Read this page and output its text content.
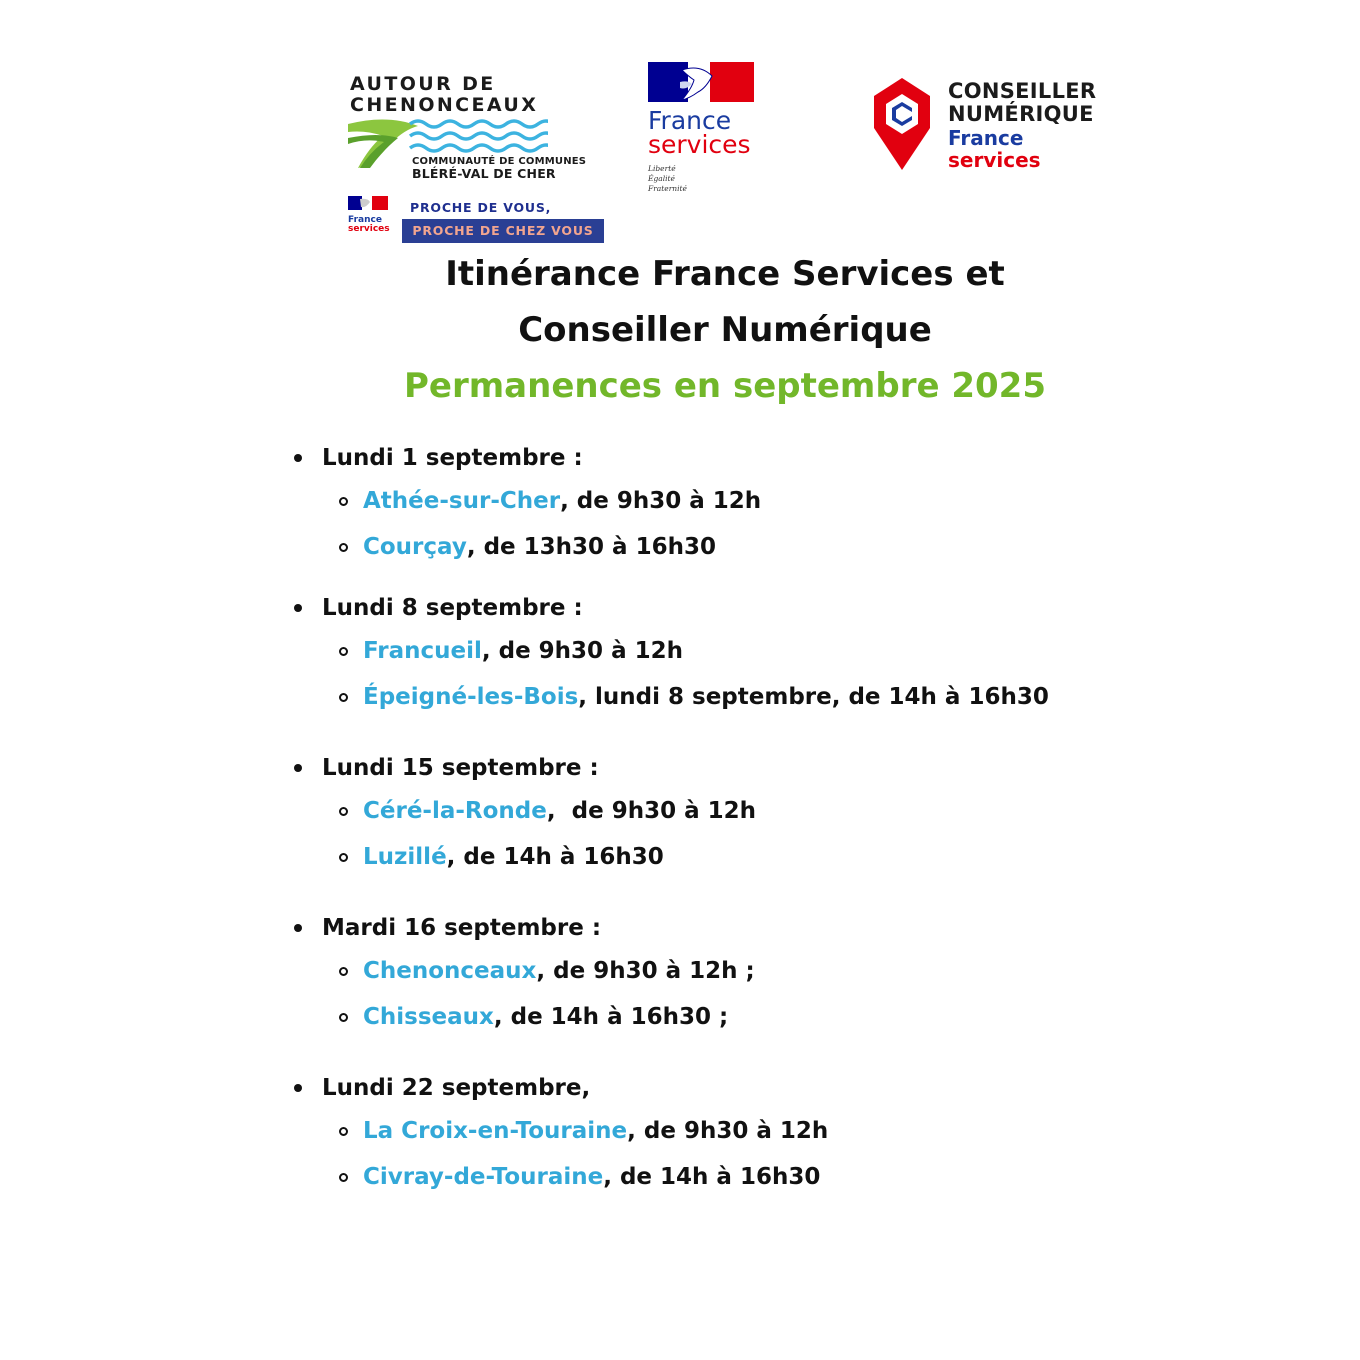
AUTOUR DE
CHENONCEAUX
COMMUNAUTÉ DE COMMUNES
BLÉRÉ-VAL DE CHER
France
services
PROCHE DE VOUS,
PROCHE DE CHEZ VOUS
France
services
Liberté
Égalité
Fraternité
CONSEILLER
NUMÉRIQUE
France
services
Itinérance France Services et
Conseiller Numérique
Permanences en septembre 2025
Lundi 1 septembre :
Athée-sur-Cher , de 9h30 à 12h
Courçay , de 13h30 à 16h30
Lundi 8 septembre :
Francueil , de 9h30 à 12h
Épeigné-les-Bois , lundi 8 septembre, de 14h à 16h30
Lundi 15 septembre :
Céré-la-Ronde ,  de 9h30 à 12h
Luzillé , de 14h à 16h30
Mardi 16 septembre :
Chenonceaux , de 9h30 à 12h ;
Chisseaux , de 14h à 16h30 ;
Lundi 22 septembre,
La Croix-en-Touraine , de 9h30 à 12h
Civray-de-Touraine , de 14h à 16h30
